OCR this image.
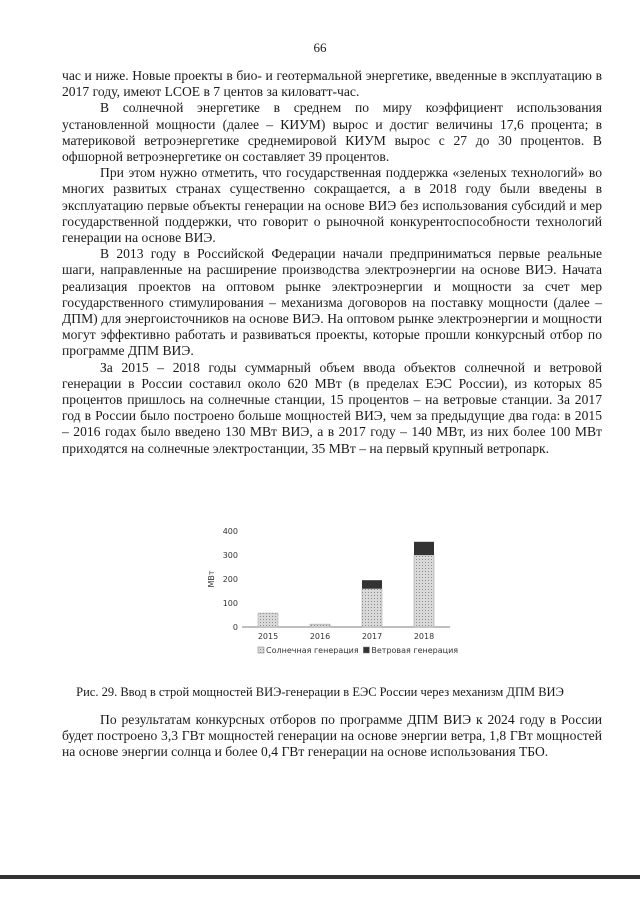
66

час и ниже. Новые проекты в био- и геотермальной энергетике, введенные в эксплуатацию в 2017 году, имеют LCOE в 7 центов за киловатт-час.

В солнечной энергетике в среднем по миру коэффициент использования установленной мощности (далее – КИУМ) вырос и достиг величины 17,6 процента; в материковой ветроэнергетике среднемировой КИУМ вырос с 27 до 30 процентов. В офшорной ветроэнергетике он составляет 39 процентов.

При этом нужно отметить, что государственная поддержка «зеленых технологий» во многих развитых странах существенно сокращается, а в 2018 году были введены в эксплуатацию первые объекты генерации на основе ВИЭ без использования субсидий и мер государственной поддержки, что говорит о рыночной конкурентоспособности технологий генерации на основе ВИЭ.

В 2013 году в Российской Федерации начали предприниматься первые реальные шаги, направленные на расширение производства электроэнергии на основе ВИЭ. Начата реализация проектов на оптовом рынке электроэнергии и мощности за счет мер государственного стимулирования – механизма договоров на поставку мощности (далее – ДПМ) для энергоисточников на основе ВИЭ. На оптовом рынке электроэнергии и мощности могут эффективно работать и развиваться проекты, которые прошли конкурсный отбор по программе ДПМ ВИЭ.

За 2015 – 2018 годы суммарный объем ввода объектов солнечной и ветровой генерации в России составил около 620 МВт (в пределах ЕЭС России), из которых 85 процентов пришлось на солнечные станции, 15 процентов – на ветровые станции. За 2017 год в России было построено больше мощностей ВИЭ, чем за предыдущие два года: в 2015 – 2016 годах было введено 130 МВт ВИЭ, а в 2017 году – 140 МВт, из них более 100 МВт приходятся на солнечные электростанции, 35 МВт – на первый крупный ветропарк.

0
100
200
300
400
МВт
2015	2016	2017	2018
Солнечная генерация Ветровая генерация
Рис. 29. Ввод в строй мощностей ВИЭ-генерации в ЕЭС России через механизм ДПМ ВИЭ

По результатам конкурсных отборов по программе ДПМ ВИЭ к 2024 году в России будет построено 3,3 ГВт мощностей генерации на основе энергии ветра, 1,8 ГВт мощностей на основе энергии солнца и более 0,4 ГВт генерации на основе использования ТБО.
